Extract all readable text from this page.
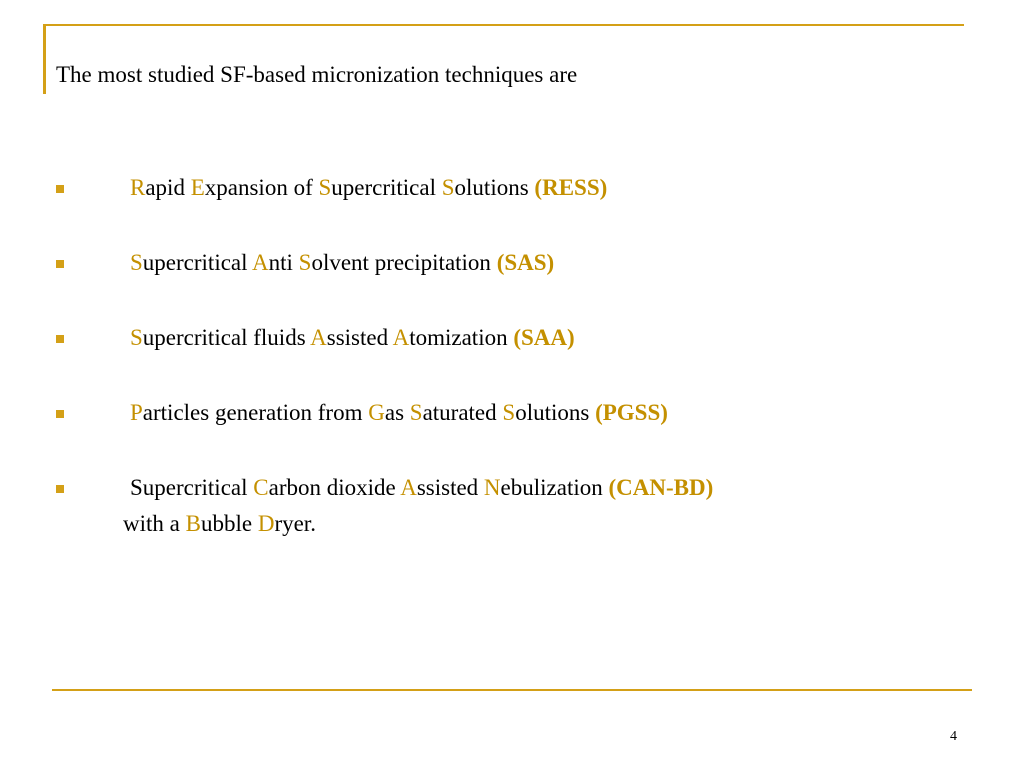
The most studied SF-based micronization techniques are
Rapid Expansion of Supercritical Solutions (RESS)
Supercritical Anti Solvent precipitation (SAS)
Supercritical fluids Assisted Atomization (SAA)
Particles generation from Gas Saturated Solutions (PGSS)
Supercritical Carbon dioxide Assisted Nebulization (CAN-BD)
with a Bubble Dryer.
4
